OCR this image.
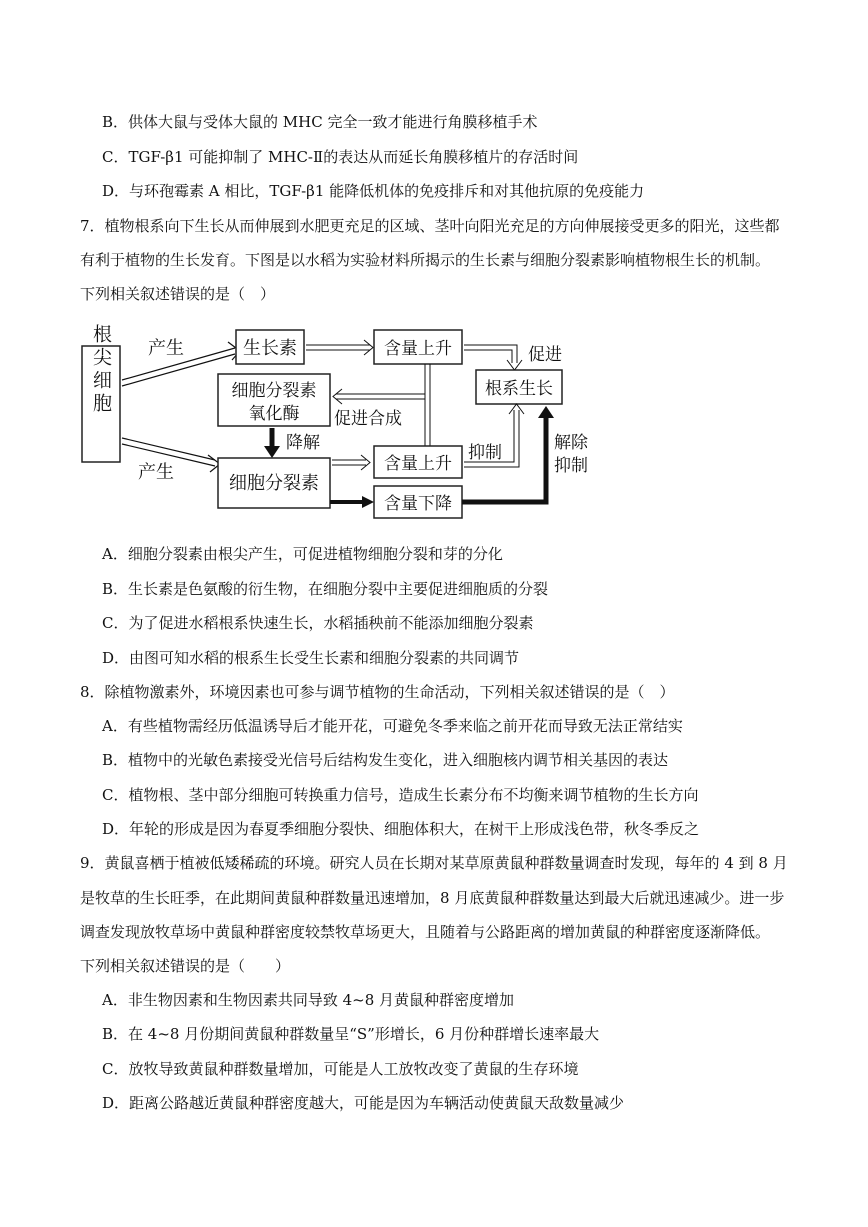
B．供体大鼠与受体大鼠的 MHC 完全一致才能进行角膜移植手术
C．TGF-β1 可能抑制了 MHC-Ⅱ的表达从而延长角膜移植片的存活时间
D．与环孢霉素 A 相比，TGF-β1 能降低机体的免疫排斥和对其他抗原的免疫能力
7．植物根系向下生长从而伸展到水肥更充足的区域、茎叶向阳光充足的方向伸展接受更多的阳光，这些都
有利于植物的生长发育。下图是以水稻为实验材料所揭示的生长素与细胞分裂素影响植物根生长的机制。
下列相关叙述错误的是（　）
根尖细胞 产生
产生
生长素	含量上升	促进
根系生长
细胞分裂素
氧化酶 促进合成
降解
细胞分裂素
含量上升
抑制
含量下降
解除
抑制
A．细胞分裂素由根尖产生，可促进植物细胞分裂和芽的分化
B．生长素是色氨酸的衍生物，在细胞分裂中主要促进细胞质的分裂
C．为了促进水稻根系快速生长，水稻插秧前不能添加细胞分裂素
D．由图可知水稻的根系生长受生长素和细胞分裂素的共同调节
8．除植物激素外，环境因素也可参与调节植物的生命活动，下列相关叙述错误的是（　）
A．有些植物需经历低温诱导后才能开花，可避免冬季来临之前开花而导致无法正常结实
B．植物中的光敏色素接受光信号后结构发生变化，进入细胞核内调节相关基因的表达
C．植物根、茎中部分细胞可转换重力信号，造成生长素分布不均衡来调节植物的生长方向
D．年轮的形成是因为春夏季细胞分裂快、细胞体积大，在树干上形成浅色带，秋冬季反之
9．黄鼠喜栖于植被低矮稀疏的环境。研究人员在长期对某草原黄鼠种群数量调查时发现，每年的 4 到 8 月
是牧草的生长旺季，在此期间黄鼠种群数量迅速增加，8 月底黄鼠种群数量达到最大后就迅速减少。进一步
调查发现放牧草场中黄鼠种群密度较禁牧草场更大，且随着与公路距离的增加黄鼠的种群密度逐渐降低。
下列相关叙述错误的是（　　）
A．非生物因素和生物因素共同导致 4~8 月黄鼠种群密度增加
B．在 4~8 月份期间黄鼠种群数量呈“S”形增长，6 月份种群增长速率最大
C．放牧导致黄鼠种群数量增加，可能是人工放牧改变了黄鼠的生存环境
D．距离公路越近黄鼠种群密度越大，可能是因为车辆活动使黄鼠天敌数量减少
